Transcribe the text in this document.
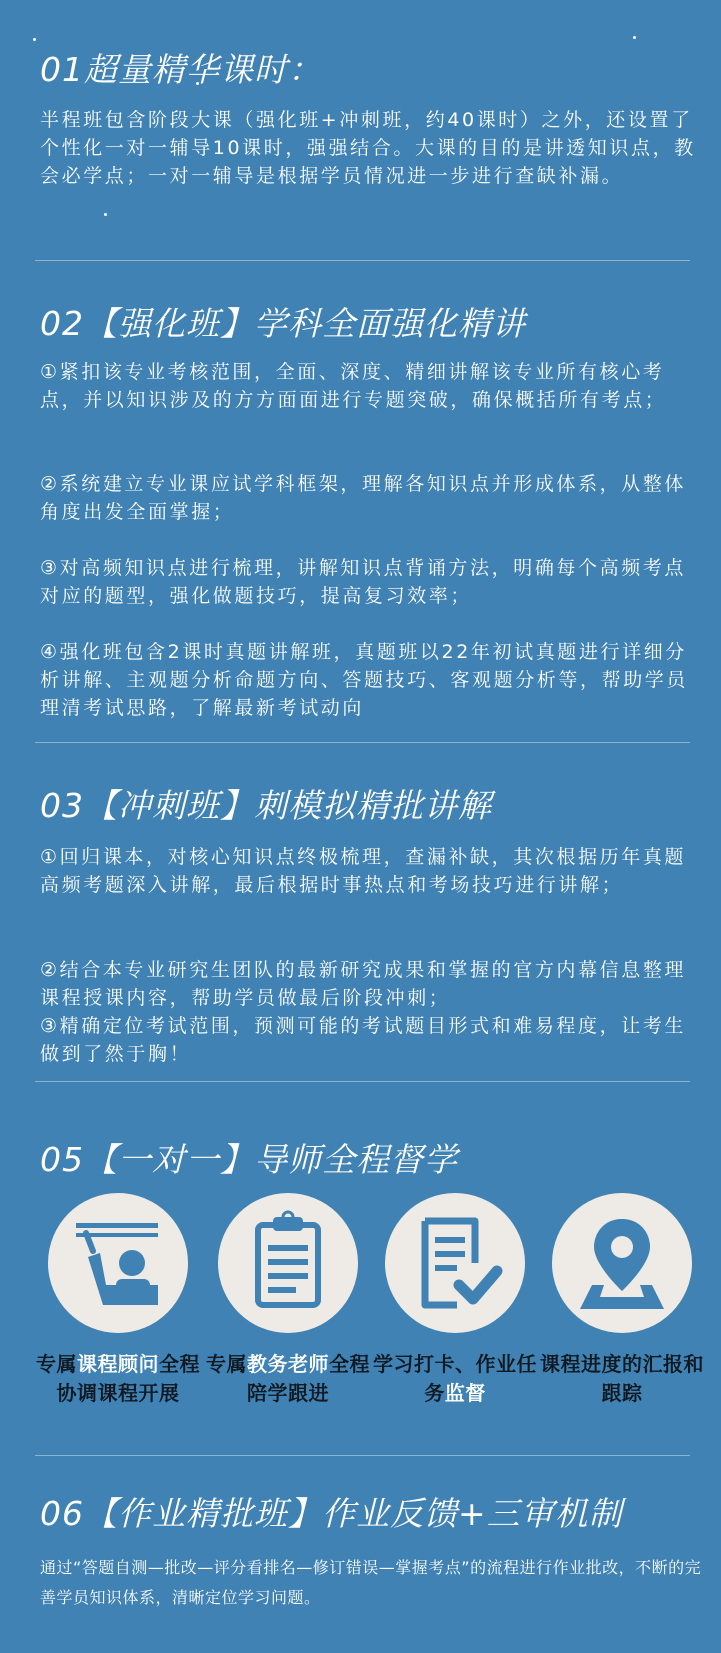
01超量精华课时：

半程班包含阶段大课（强化班+冲刺班，约40课时）之外，还设置了个性化一对一辅导10课时，强强结合。大课的目的是讲透知识点，教会必学点；一对一辅导是根据学员情况进一步进行查缺补漏。

02【强化班】学科全面强化精讲

①紧扣该专业考核范围，全面、深度、精细讲解该专业所有核心考点，并以知识涉及的方方面面进行专题突破，确保概括所有考点；

②系统建立专业课应试学科框架，理解各知识点并形成体系，从整体角度出发全面掌握；

③对高频知识点进行梳理，讲解知识点背诵方法，明确每个高频考点对应的题型，强化做题技巧，提高复习效率；

④强化班包含2课时真题讲解班，真题班以22年初试真题进行详细分析讲解、主观题分析命题方向、答题技巧、客观题分析等，帮助学员理清考试思路，了解最新考试动向

03【冲刺班】刺模拟精批讲解

①回归课本，对核心知识点终极梳理，查漏补缺，其次根据历年真题高频考题深入讲解，最后根据时事热点和考场技巧进行讲解；

②结合本专业研究生团队的最新研究成果和掌握的官方内幕信息整理课程授课内容，帮助学员做最后阶段冲刺；

③精确定位考试范围，预测可能的考试题目形式和难易程度，让考生做到了然于胸！

05【一对一】导师全程督学
专属课程顾问全程协调课程开展
专属教务老师全程陪学跟进
学习打卡、作业任务监督
课程进度的汇报和跟踪
06【作业精批班】作业反馈+三审机制

通过“答题自测—批改—评分看排名—修订错误—掌握考点”的流程进行作业批改，不断的完善学员知识体系，清晰定位学习问题。
